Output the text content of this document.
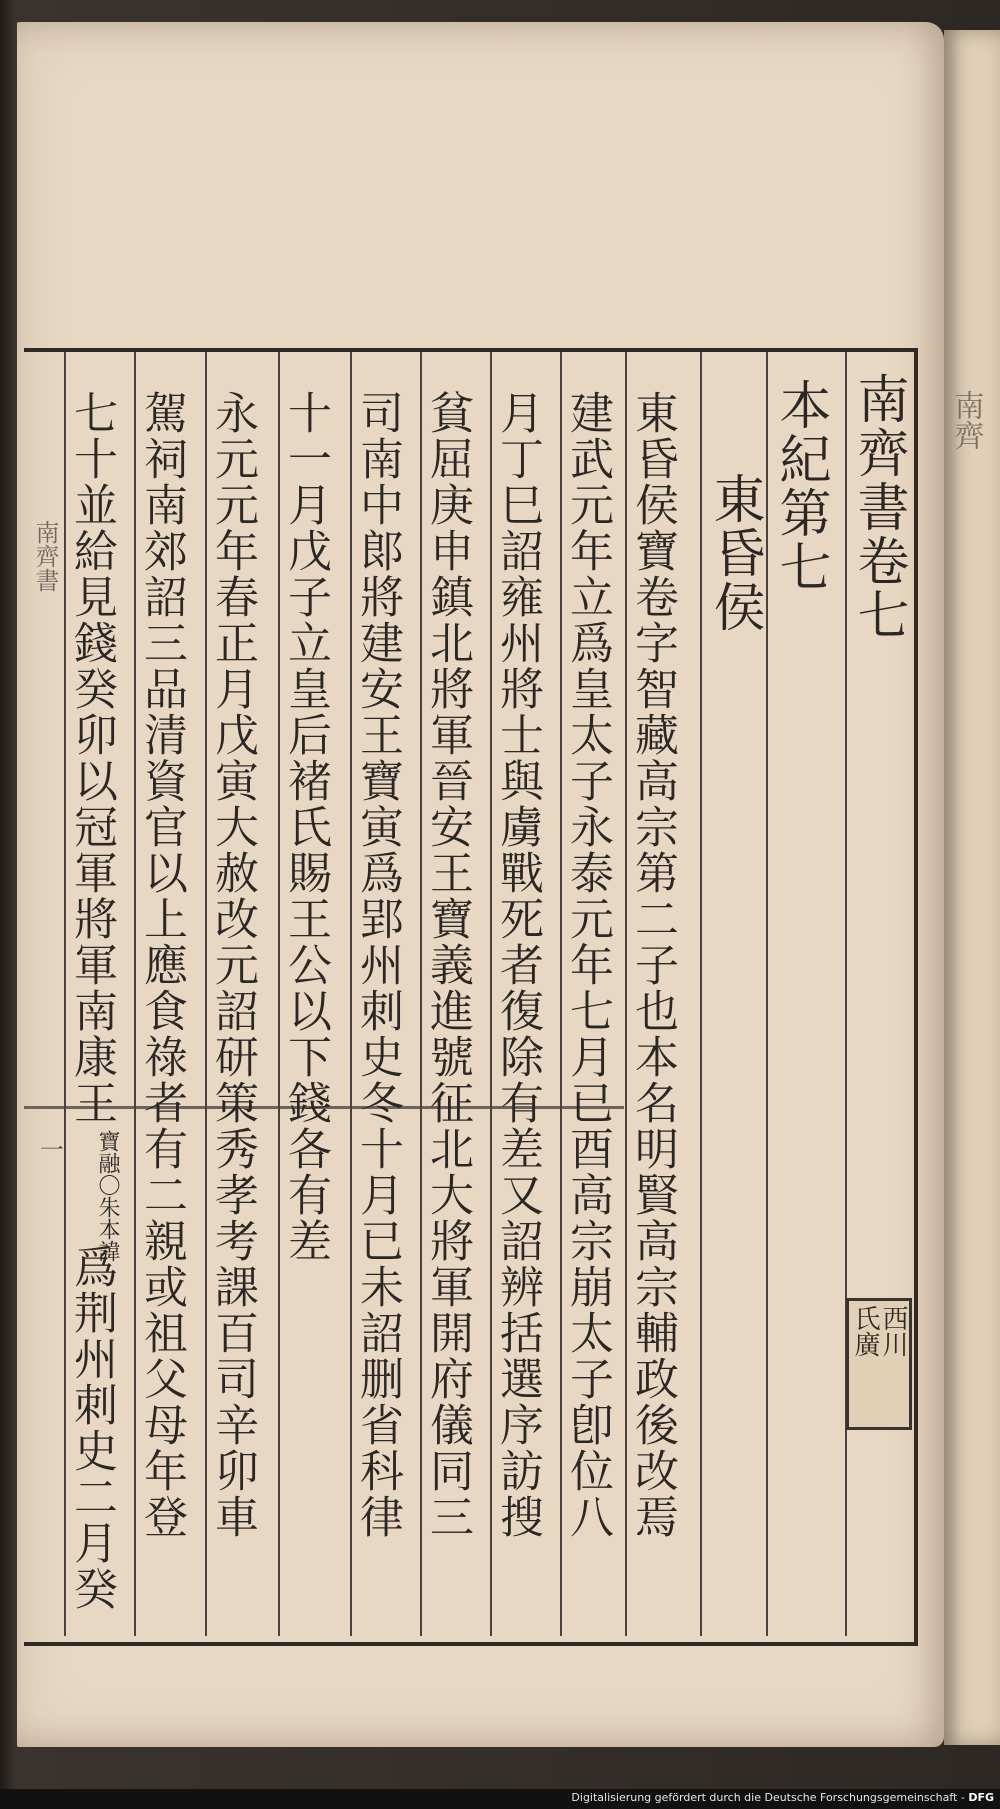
南齊
南齊書卷七
本紀第七
東昏侯
東昏侯寶卷字智藏高宗第二子也本名明賢高宗輔政後改焉
建武元年立爲皇太子永泰元年七月已酉高宗崩太子卽位八
月丁巳詔雍州將士與虜戰死者復除有差又詔辨括選序訪搜
貧屈庚申鎮北將軍晉安王寶義進號征北大將軍開府儀同三
司南中郞將建安王寶寅爲郢州刺史冬十月已未詔删省科律
十一月戊子立皇后褚氏賜王公以下錢各有差
永元元年春正月戊寅大赦改元詔研策秀孝考課百司辛卯車
駕祠南郊詔三品清資官以上應食祿者有二親或祖父母年登
七十並給見錢癸卯以冠軍將軍南康王
寶融〇朱本諱
爲荆州刺史二月癸
南齊書
一
西川
氏廣
Digitalisierung gefördert durch die Deutsche Forschungsgemeinschaft - DFG
